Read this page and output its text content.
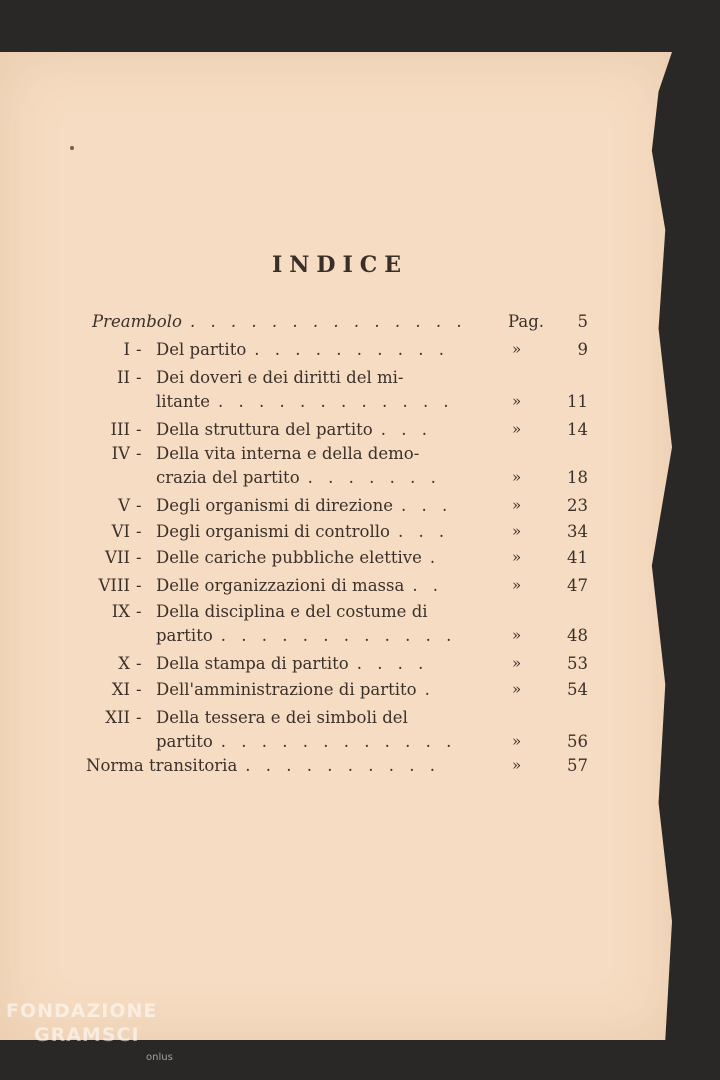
INDICE
Preambolo . . . . . . . . . . . . . .	Pag.	5
I - Del partito . . . . . . . . . .	»	9
II - Dei doveri e dei diritti del mi-
litante . . . . . . . . . . . .	»	11
III - Della struttura del partito . . .	»	14
IV - Della vita interna e della demo-
crazia del partito . . . . . . .	»	18
V - Degli organismi di direzione . . .	»	23
VI - Degli organismi di controllo . . .	»	34
VII - Delle cariche pubbliche elettive .	»	41
VIII - Delle organizzazioni di massa . .	»	47
IX - Della disciplina e del costume di
partito . . . . . . . . . . . .	»	48
X - Della stampa di partito . . . .	»	53
XI - Dell'amministrazione di partito .	»	54
XII - Della tessera e dei simboli del
partito . . . . . . . . . . . .	»	56
Norma transitoria . . . . . . . . . .	»	57
FONDAZIONE
GRAMSCI
onlus
